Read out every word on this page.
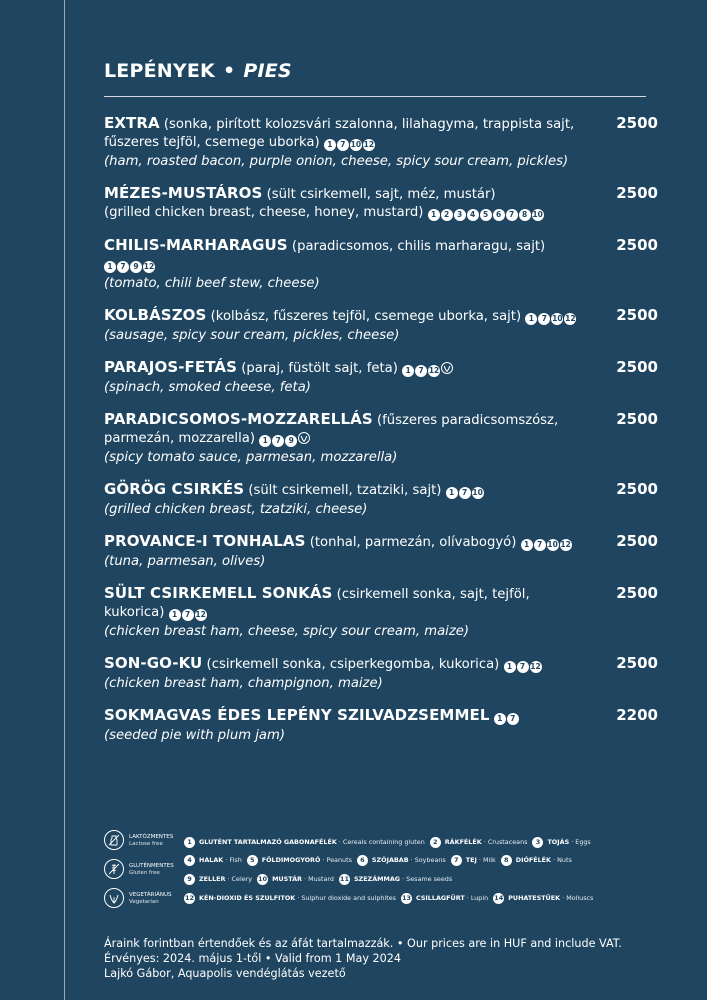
LEPÉNYEK • PIES
EXTRA (sonka, pirított kolozsvári szalonna, lilahagyma, trappista sajt, fűszeres tejföl, csemege uborka) 1 7 10 12
(ham, roasted bacon, purple onion, cheese, spicy sour cream, pickles)
2500
MÉZES-MUSTÁROS (sült csirkemell, sajt, méz, mustár)
(grilled chicken breast, cheese, honey, mustard) 1 2 3 4 5 6 7 8 10
2500
CHILIS-MARHARAGUS (paradicsomos, chilis marharagu, sajt) 1 7 9 12
(tomato, chili beef stew, cheese)
2500
KOLBÁSZOS (kolbász, fűszeres tejföl, csemege uborka, sajt) 1 7 10 12
(sausage, spicy sour cream, pickles, cheese)
2500
PARAJOS-FETÁS (paraj, füstölt sajt, feta) 1 7 12
(spinach, smoked cheese, feta)
2500
PARADICSOMOS-MOZZARELLÁS (fűszeres paradicsomszósz, parmezán, mozzarella) 1 7 9
(spicy tomato sauce, parmesan, mozzarella)
2500
GÖRÖG CSIRKÉS (sült csirkemell, tzatziki, sajt) 1 7 10
(grilled chicken breast, tzatziki, cheese)
2500
PROVANCE-I TONHALAS (tonhal, parmezán, olívabogyó) 1 7 10 12
(tuna, parmesan, olives)
2500
SÜLT CSIRKEMELL SONKÁS (csirkemell sonka, sajt, tejföl, kukorica) 1 7 12
(chicken breast ham, cheese, spicy sour cream, maize)
2500
SON-GO-KU (csirkemell sonka, csiperkegomba, kukorica) 1 7 12
(chicken breast ham, champignon, maize)
2500
SOKMAGVAS ÉDES LEPÉNY SZILVADZSEMMEL 1 7
(seeded pie with plum jam)
2200
LAKTÓZMENTES
Lactose free
GLUTÉNMENTES
Gluten free
VEGETÁRIÁNUS
Vegetarian
1 GLUTÉNT TARTALMAZÓ GABONAFÉLÉK · Cereals containing gluten 2 RÁKFÉLÉK · Crustaceans 3 TOJÁS · Eggs
4 HALAK · Fish 5 FÖLDIMOGYORÓ · Peanuts 6 SZÓJABAB · Soybeans 7 TEJ · Milk 8 DIÓFÉLÉK · Nuts
9 ZELLER · Celery 10 MUSTÁR · Mustard 11 SZEZÁMMAG · Sesame seeds
12 KÉN-DIOXID ÉS SZULFITOK · Sulphur dioxide and sulphites 13 CSILLAGFÜRT · Lupin 14 PUHATESTŰEK · Molluscs
Áraink forintban értendőek és az áfát tartalmazzák. • Our prices are in HUF and include VAT.
Érvényes: 2024. május 1-től • Valid from 1 May 2024
Lajkó Gábor, Aquapolis vendéglátás vezető
